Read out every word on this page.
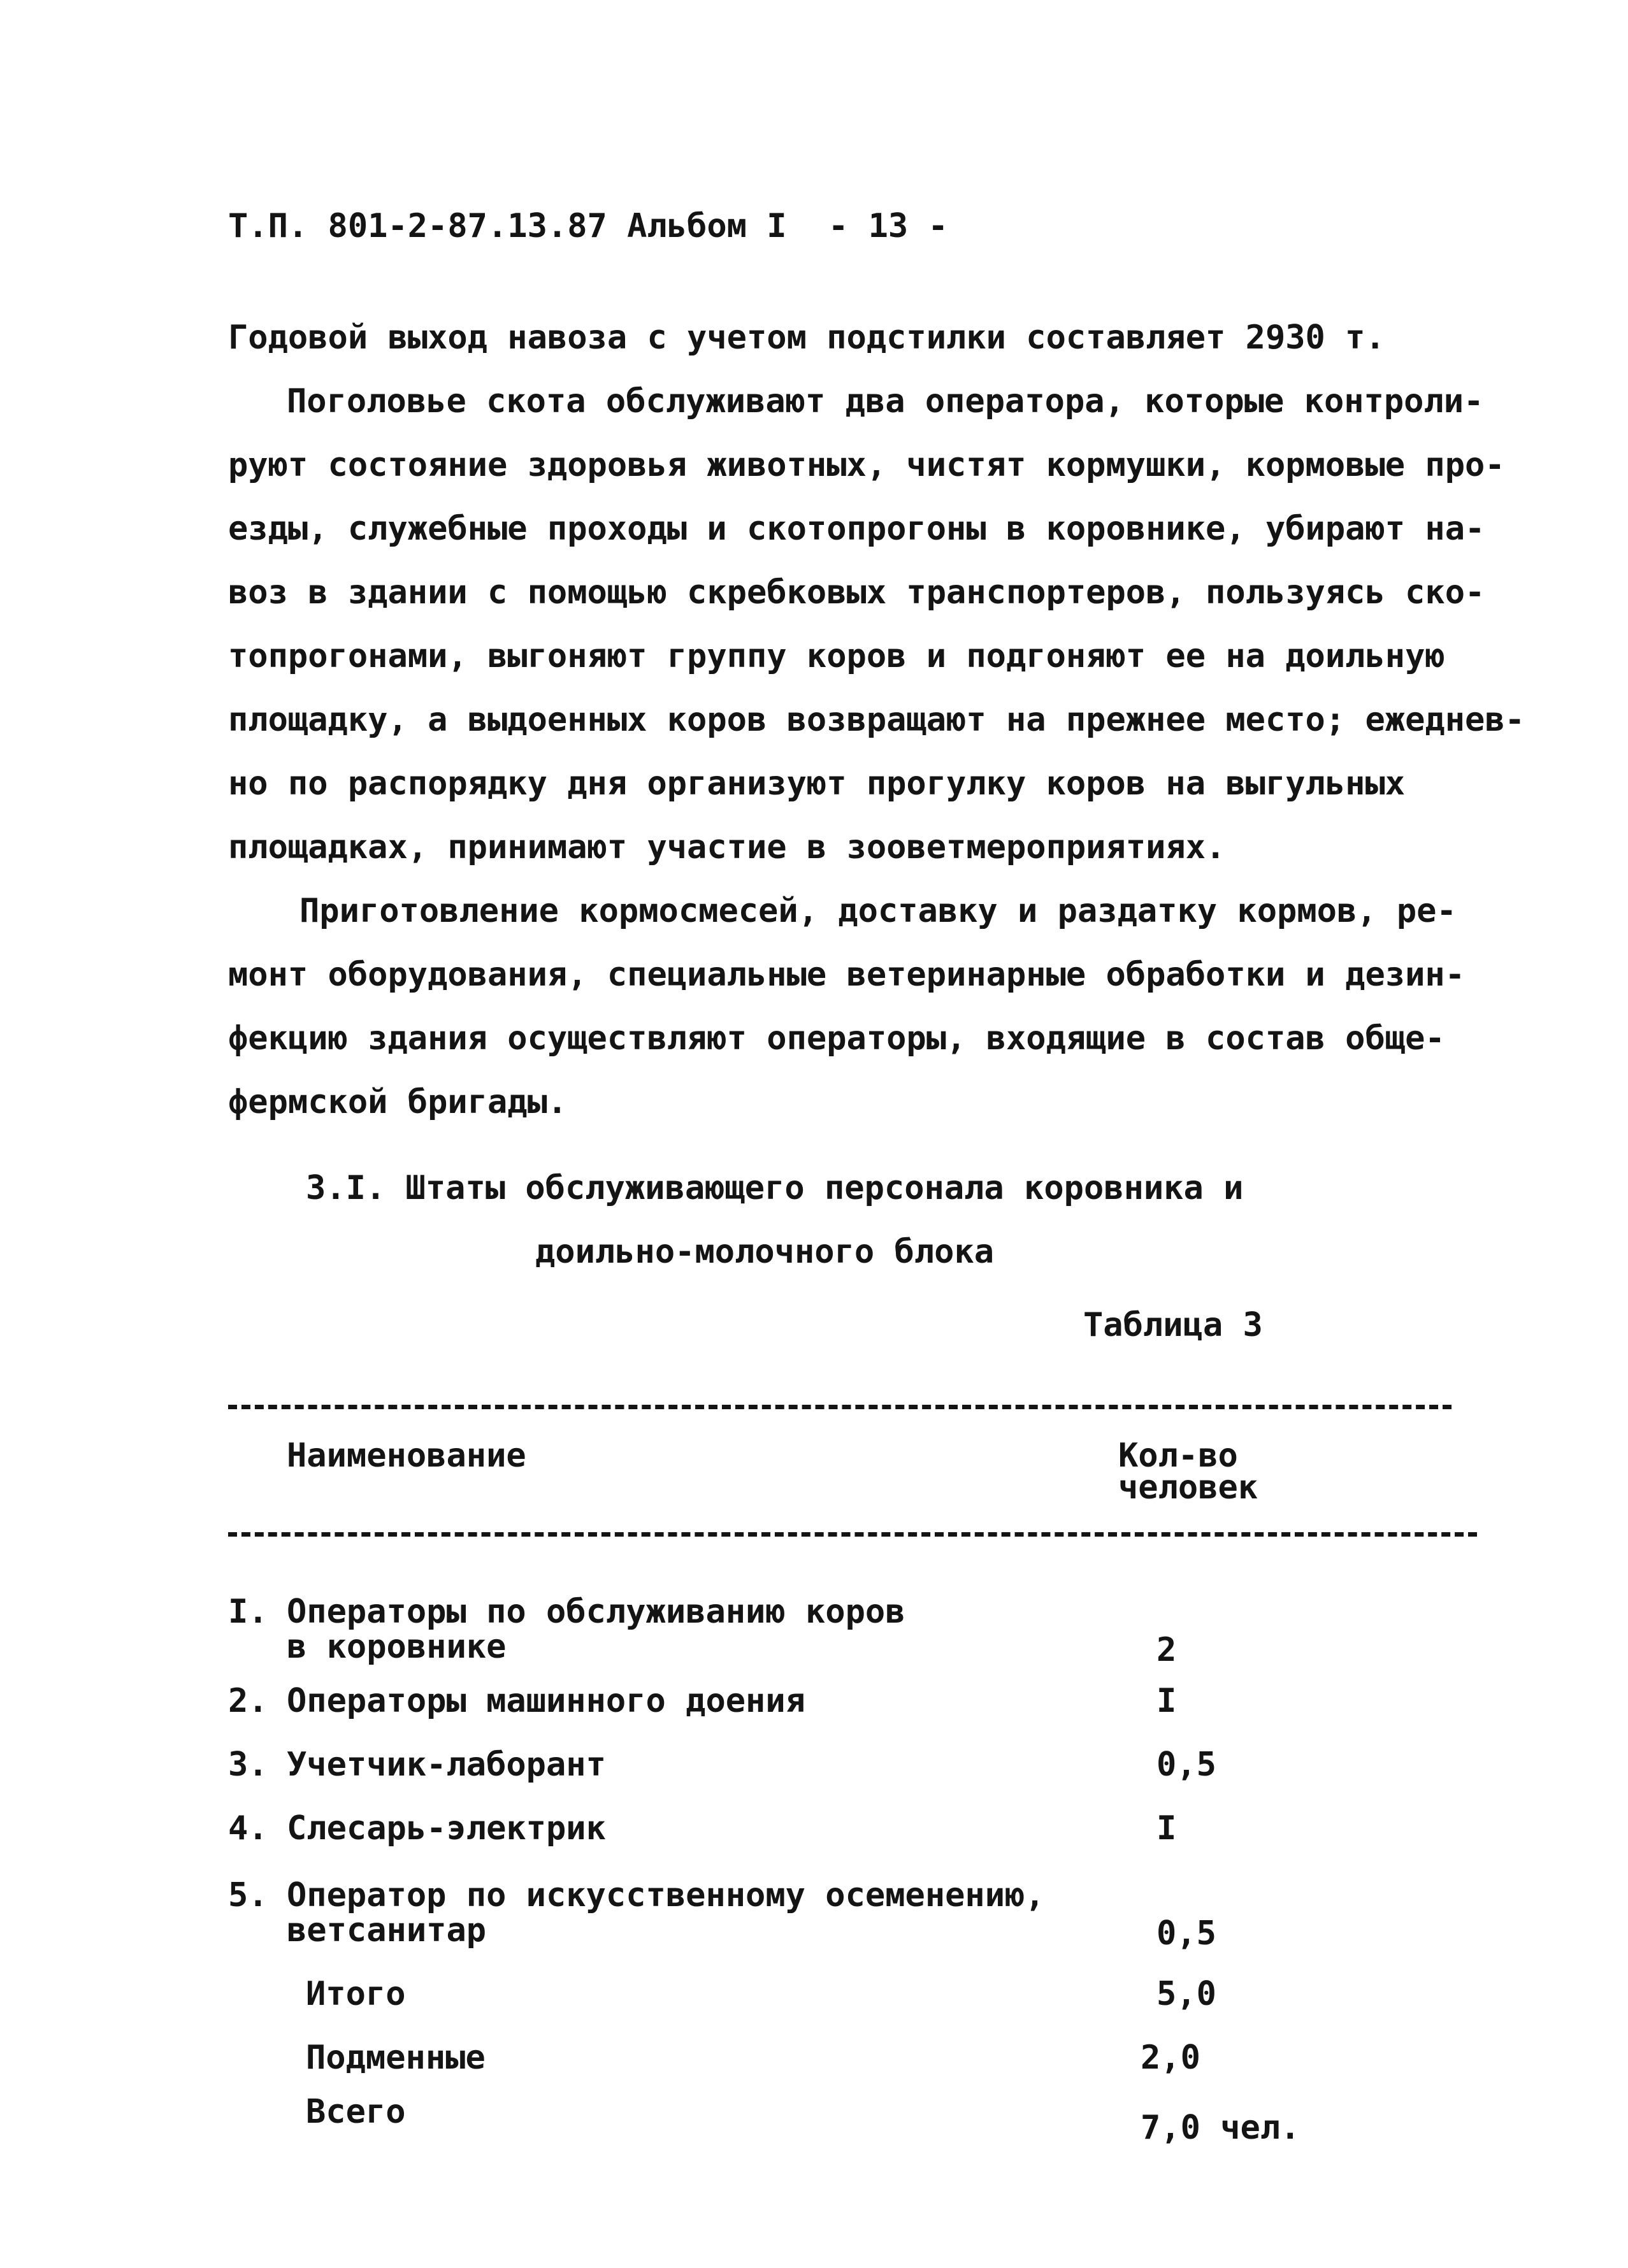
Т.П. 801-2-87.13.87 Альбом I - 13 -
Годовой выход навоза с учетом подстилки составляет 2930 т.
Поголовье скота обслуживают два оператора, которые контроли-
руют состояние здоровья животных, чистят кормушки, кормовые про-
езды, служебные проходы и скотопрогоны в коровнике, убирают на-
воз в здании с помощью скребковых транспортеров, пользуясь ско-
топрогонами, выгоняют группу коров и подгоняют ее на доильную
площадку, а выдоенных коров возвращают на прежнее место; ежеднев-
но по распорядку дня организуют прогулку коров на выгульных
площадках, принимают участие в зооветмероприятиях.
Приготовление кормосмесей, доставку и раздатку кормов, ре-
монт оборудования, специальные ветеринарные обработки и дезин-
фекцию здания осуществляют операторы, входящие в состав обще-
фермской бригады.
3.I. Штаты обслуживающего персонала коровника и
доильно-молочного блока
Таблица 3
Наименование	Кол-во
человек
I. Операторы по обслуживанию коров
в коровнике	2
2. Операторы машинного доения	I
3. Учетчик-лаборант	0,5
4. Слесарь-электрик	I
5. Оператор по искусственному осеменению,
ветсанитар	0,5
Итого	5,0
Подменные	2,0
Всего	7,0 чел.
